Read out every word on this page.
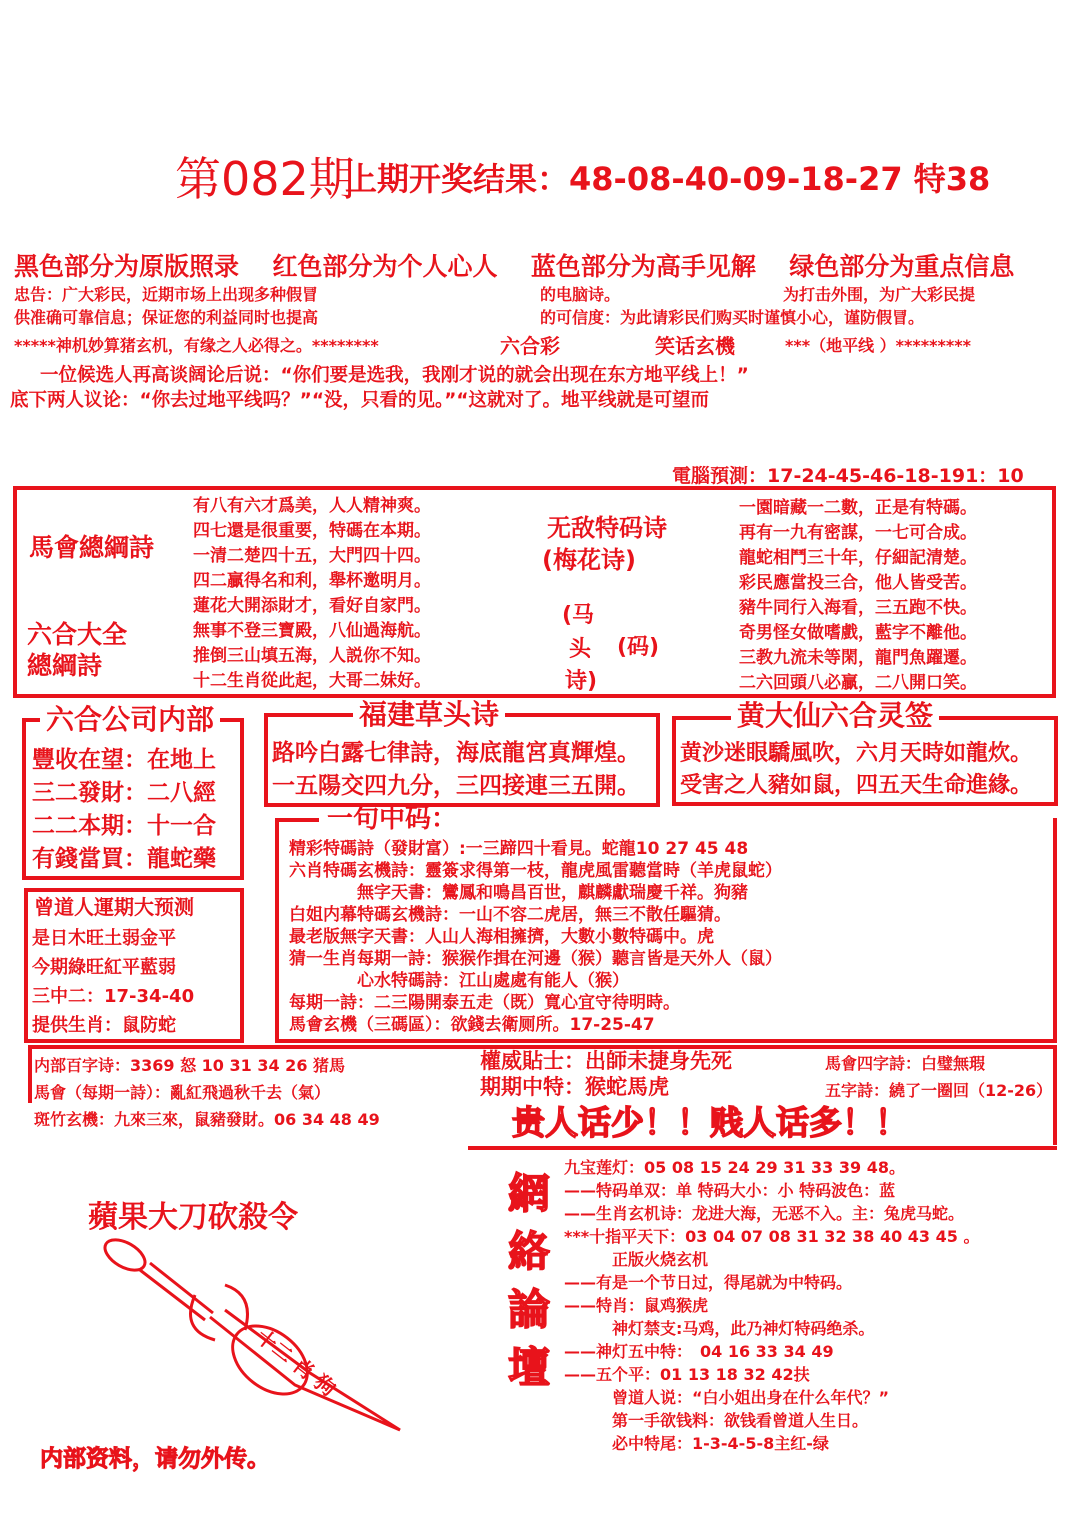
第082期
上期开奖结果：48-08-40-09-18-27 特38
黑色部分为原版照录 红色部分为个人心人 蓝色部分为高手见解 绿色部分为重点信息
忠告：广大彩民，近期市场上出现多种假冒	的电脑诗。	为打击外围，为广大彩民提
供准确可靠信息；保证您的利益同时也提高	的可信度：为此请彩民们购买时谨慎小心，谨防假冒。
*****神机妙算猪玄机，有缘之人必得之。********	六合彩	笑话玄機	***（地平线 ）*********
一位候选人再高谈阔论后说：“你们要是选我，我刚才说的就会出现在东方地平线上！”
底下两人议论：“你去过地平线吗？”“没，只看的见。”“这就对了。地平线就是可望而
電腦預測：17-24-45-46-18-191：10
馬會總綱詩
六合大全
總綱詩
有八有六才爲美，人人精神爽。
四七還是很重要，特碼在本期。
一清二楚四十五，大門四十四。
四二贏得名和利，舉杯邀明月。
蓮花大開添財才，看好自家門。
無事不登三寶殿，八仙過海航。
推倒三山填五海，人説你不知。
十二生肖從此起，大哥二妹好。
无敌特码诗
(梅花诗)
(马
头
诗)
(码)
一園暗藏一二數，正是有特碼。
再有一九有密謀，一七可合成。
龍蛇相鬥三十年，仔細記清楚。
彩民應當投三合，他人皆受苦。
豬牛同行入海看，三五跑不快。
奇男怪女做嗜戲，藍字不離他。
三教九流未等閑，龍門魚躍遷。
二六回頭八必贏，二八開口笑。
六合公司内部
豐收在望：在地上
三二發財：二八經
二二本期：十一合
有錢當買：龍蛇藥
福建草头诗
路吟白露七律詩，海底龍宮真輝煌。
一五陽交四九分，三四接連三五開。
黄大仙六合灵签
黄沙迷眼驕風吹，六月天時如龍炊。
受害之人豬如鼠，四五天生命進緣。
曾道人運期大预测
是日木旺土弱金平
今期綠旺紅平藍弱
三中二：17-34-40
提供生肖：鼠防蛇
一句中码：
精彩特碼詩（發財富）:一三蹄四十看見。蛇龍10 27 45 48
六肖特碼玄機詩：靈簽求得第一枝，龍虎風雷聽當時（羊虎鼠蛇）
　　　　無字天書：鸞鳳和鳴昌百世，麒麟獻瑞慶千祥。狗豬
白姐内幕特碼玄機詩：一山不容二虎居，無三不散任驅猜。
最老版無字天書：人山人海相擁擠，大數小數特碼中。虎
猜一生肖每期一詩：猴猴作揖在河邊（猴）聽言皆是天外人（鼠）
　　　　心水特碼詩：江山處處有能人（猴）
每期一詩：二三陽開泰五走（既）寬心宜守待明時。
馬會玄機（三碼區）：欲錢去衛厕所。17-25-47
内部百字诗：3369 怒 10 31 34 26 猪馬
馬會（每期一詩）：亂紅飛過秋千去（氣）
斑竹玄機：九來三來，鼠豬發財。06 34 48 49
權威貼士：出師未捷身先死
期期中特：猴蛇馬虎
馬會四字詩：白璧無瑕
五字詩：繞了一圈回（12-26）
贵人话少！！贱人话多！！
蘋果大刀砍殺令
十二 肖 狗
内部资料，请勿外传。
網
絡
論
壇
九宝莲灯：05 08 15 24 29 31 33 39 48。
——特码单双：单 特码大小：小 特码波色：蓝
——生肖玄机诗：龙进大海，无恶不入。主：兔虎马蛇。
***十指平天下：03 04 07 08 31 32 38 40 43 45 。
　　　正版火烧玄机
——有是一个节日过，得尾就为中特码。
——特肖：鼠鸡猴虎
　　　神灯禁支:马鸡，此乃神灯特码绝杀。
——神灯五中特：　04 16 33 34 49
——五个平：01 13 18 32 42扶
　　　曾道人说：“白小姐出身在什么年代？”
　　　第一手欲钱料：欲钱看曾道人生日。
　　　必中特尾：1-3-4-5-8主红-绿
